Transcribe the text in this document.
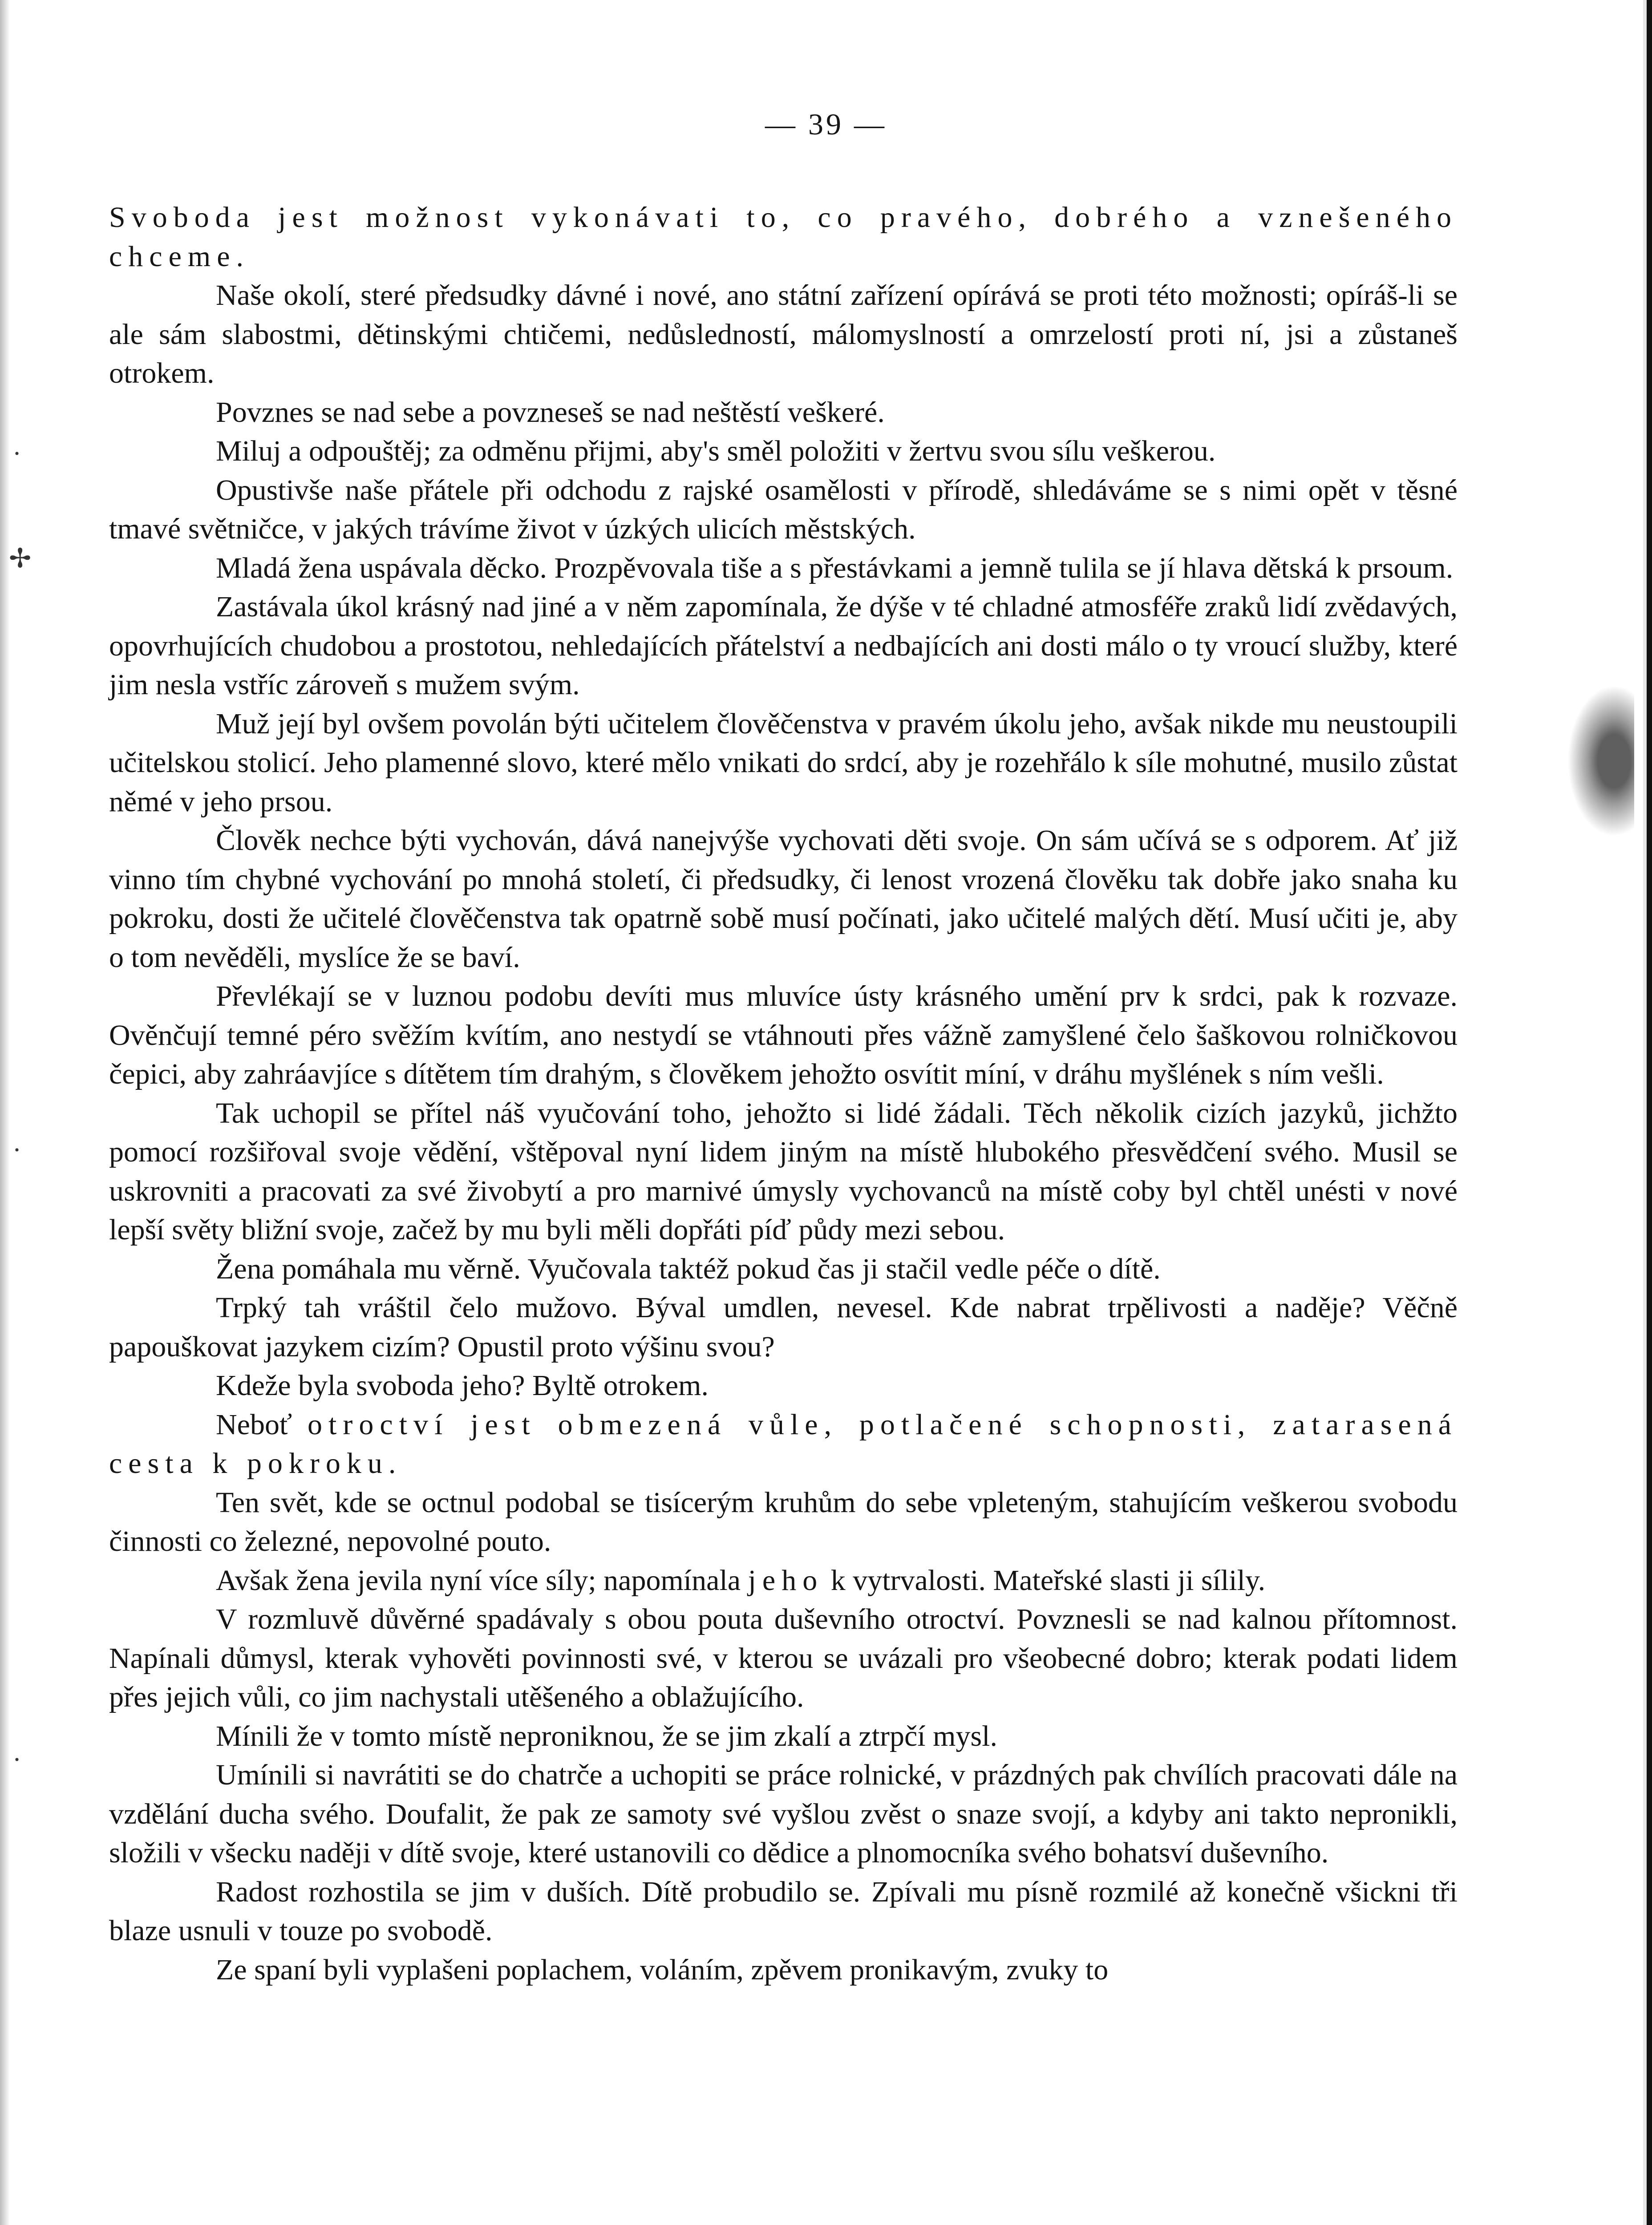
— 39 —
·
✢
·
·

Svoboda jest možnost vykonávati to, co pravého, dobrého a vznešeného chceme.

Naše okolí, steré předsudky dávné i nové, ano státní zařízení opírává se proti této možnosti; opíráš-li se ale sám slabostmi, dětinskými chtičemi, nedůsledností, málomyslností a omrzelostí proti ní, jsi a zůstaneš otrokem.

Povznes se nad sebe a povzneseš se nad neštěstí veškeré.

Miluj a odpouštěj; za odměnu přijmi, aby's směl položiti v žertvu svou sílu veškerou.

Opustivše naše přátele při odchodu z rajské osamělosti v přírodě, shledáváme se s nimi opět v těsné tmavé světničce, v jakých trávíme život v úzkých ulicích městských.

Mladá žena uspávala děcko. Prozpěvovala tiše a s přestávkami a jemně tulila se jí hlava dětská k prsoum.

Zastávala úkol krásný nad jiné a v něm zapomínala, že dýše v té chladné atmosféře zraků lidí zvědavých, opovrhujících chudobou a prostotou, nehledajících přátelství a nedbajících ani dosti málo o ty vroucí služby, které jim nesla vstříc zároveň s mužem svým.

Muž její byl ovšem povolán býti učitelem člověčenstva v pravém úkolu jeho, avšak nikde mu neustoupili učitelskou stolicí. Jeho plamenné slovo, které mělo vnikati do srdcí, aby je rozehřálo k síle mohutné, musilo zůstat němé v jeho prsou.

Člověk nechce býti vychován, dává nanejvýše vychovati děti svoje. On sám učívá se s odporem. Ať již vinno tím chybné vychování po mnohá století, či předsudky, či lenost vrozená člověku tak dobře jako snaha ku pokroku, dosti že učitelé člověčenstva tak opatrně sobě musí počínati, jako učitelé malých dětí. Musí učiti je, aby o tom nevěděli, myslíce že se baví.

Převlékají se v luznou podobu devíti mus mluvíce ústy krásného umění prv k srdci, pak k rozvaze. Ověnčují temné péro svěžím kvítím, ano nestydí se vtáhnouti přes vážně zamyšlené čelo šaškovou rolničkovou čepici, aby zahráavjíce s dítětem tím drahým, s člověkem jehožto osvítit míní, v dráhu myšlének s ním vešli.

Tak uchopil se přítel náš vyučování toho, jehožto si lidé žádali. Těch několik cizích jazyků, jichžto pomocí rozšiřoval svoje vědění, vštěpoval nyní lidem jiným na místě hlubokého přesvědčení svého. Musil se uskrovniti a pracovati za své živobytí a pro marnivé úmysly vychovanců na místě coby byl chtěl unésti v nové lepší světy bližní svoje, začež by mu byli měli dopřáti píď půdy mezi sebou.

Žena pomáhala mu věrně. Vyučovala taktéž pokud čas ji stačil vedle péče o dítě.

Trpký tah vráštil čelo mužovo. Býval umdlen, nevesel. Kde nabrat trpělivosti a naděje? Věčně papouškovat jazykem cizím? Opustil proto výšinu svou?

Kdeže byla svoboda jeho? Byltě otrokem.

Neboť otroctví jest obmezená vůle, potlačené schopnosti, zatarasená cesta k pokroku.

Ten svět, kde se octnul podobal se tisícerým kruhům do sebe vpleteným, stahujícím veškerou svobodu činnosti co železné, nepovolné pouto.

Avšak žena jevila nyní více síly; napomínala jeho k vytrvalosti. Mateřské slasti ji sílily.

V rozmluvě důvěrné spadávaly s obou pouta duševního otroctví. Povznesli se nad kalnou přítomnost. Napínali důmysl, kterak vyhověti povinnosti své, v kterou se uvázali pro všeobecné dobro; kterak podati lidem přes jejich vůli, co jim nachystali utěšeného a oblažujícího.

Mínili že v tomto místě neproniknou, že se jim zkalí a ztrpčí mysl.

Umínili si navrátiti se do chatrče a uchopiti se práce rolnické, v prázdných pak chvílích pracovati dále na vzdělání ducha svého. Doufalit, že pak ze samoty své vyšlou zvěst o snaze svojí, a kdyby ani takto nepronikli, složili v všecku naději v dítě svoje, které ustanovili co dědice a plnomocníka svého bohatsví duševního.

Radost rozhostila se jim v duších. Dítě probudilo se. Zpívali mu písně rozmilé až konečně všickni tři blaze usnuli v touze po svobodě.

Ze spaní byli vyplašeni poplachem, voláním, zpěvem pronikavým, zvuky to
